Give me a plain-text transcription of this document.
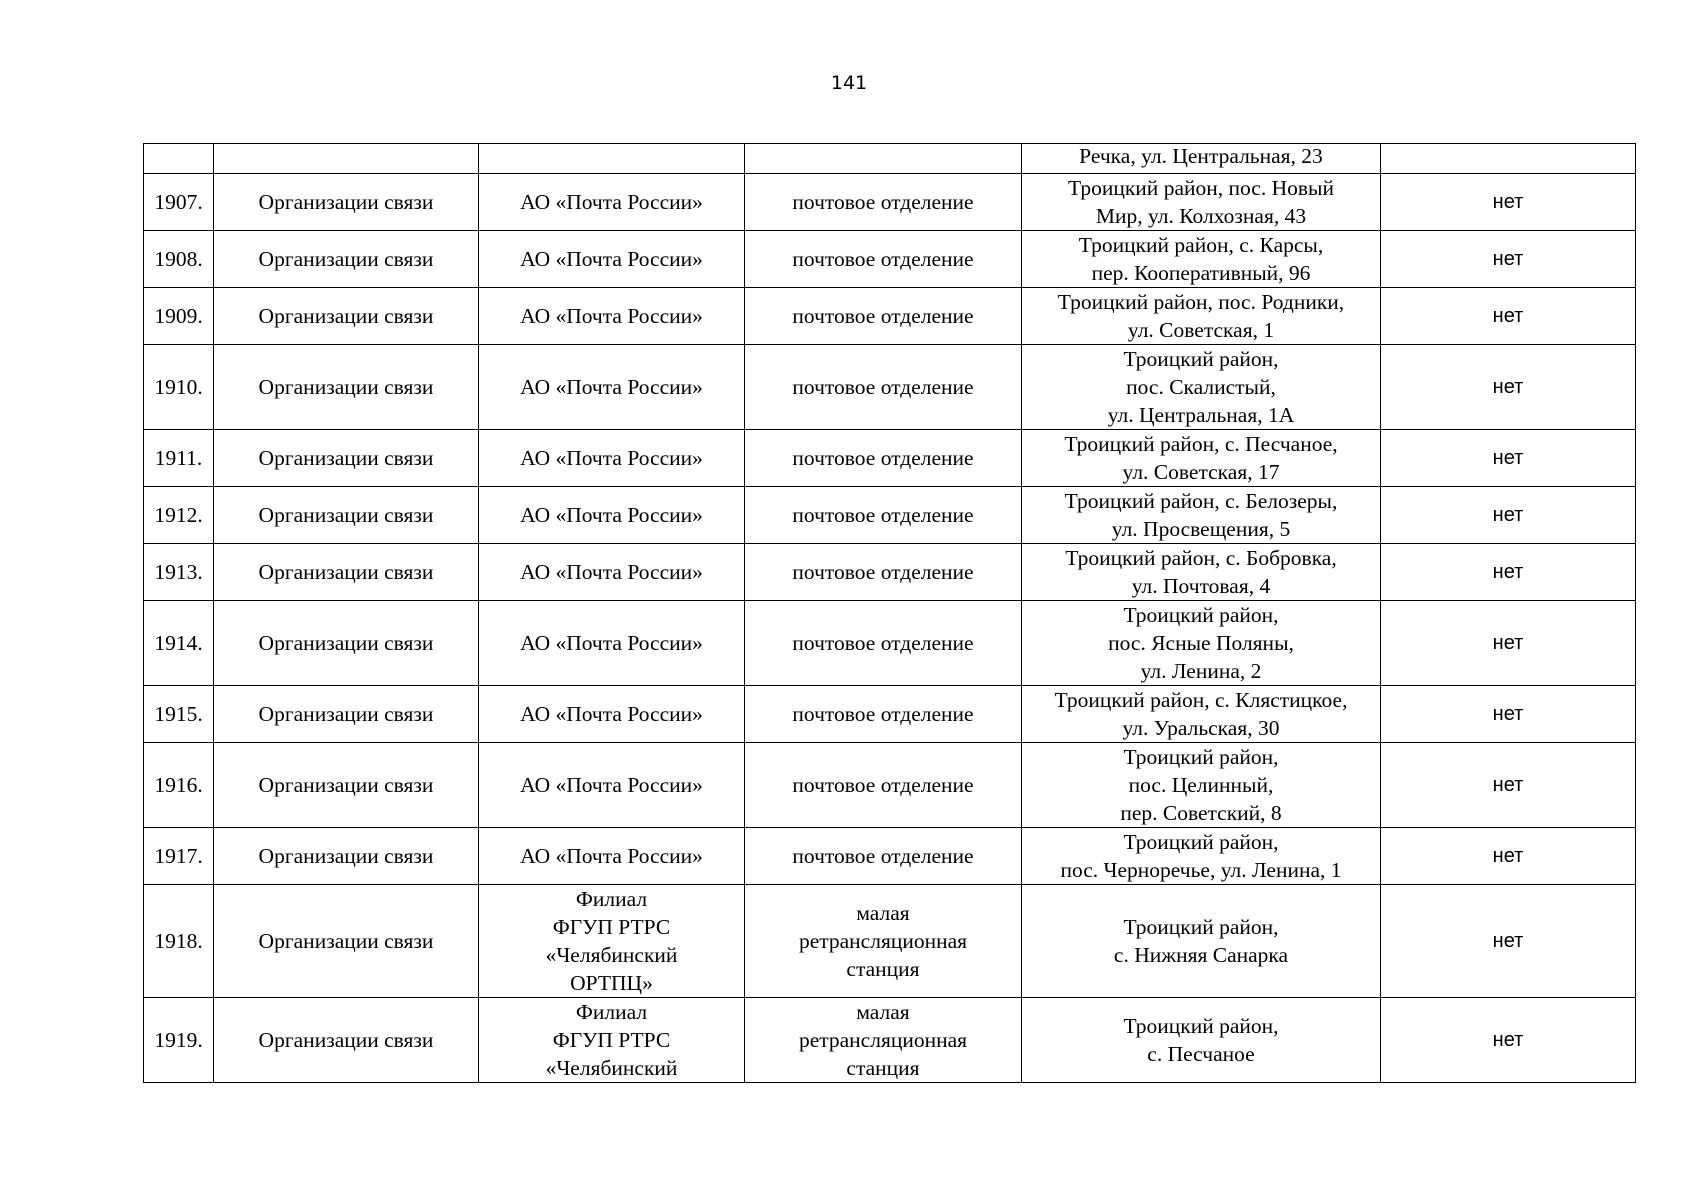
141

				Речка, ул. Центральная, 23	

1907.	Организации связи	АО «Почта России»	почтовое отделение	Троицкий район, пос. Новый
Мир, ул. Колхозная, 43	нет
1908.	Организации связи	АО «Почта России»	почтовое отделение	Троицкий район, с. Карсы,
пер. Кооперативный, 96	нет
1909.	Организации связи	АО «Почта России»	почтовое отделение	Троицкий район, пос. Родники,
ул. Советская, 1	нет
1910.	Организации связи	АО «Почта России»	почтовое отделение	Троицкий район,
пос. Скалистый,
ул. Центральная, 1А	нет
1911.	Организации связи	АО «Почта России»	почтовое отделение	Троицкий район, с. Песчаное,
ул. Советская, 17	нет
1912.	Организации связи	АО «Почта России»	почтовое отделение	Троицкий район, с. Белозеры,
ул. Просвещения, 5	нет
1913.	Организации связи	АО «Почта России»	почтовое отделение	Троицкий район, с. Бобровка,
ул. Почтовая, 4	нет
1914.	Организации связи	АО «Почта России»	почтовое отделение	Троицкий район,
пос. Ясные Поляны,
ул. Ленина, 2	нет
1915.	Организации связи	АО «Почта России»	почтовое отделение	Троицкий район, с. Клястицкое,
ул. Уральская, 30	нет
1916.	Организации связи	АО «Почта России»	почтовое отделение	Троицкий район,
пос. Целинный,
пер. Советский, 8	нет
1917.	Организации связи	АО «Почта России»	почтовое отделение	Троицкий район,
пос. Черноречье, ул. Ленина, 1	нет
1918.	Организации связи	Филиал
ФГУП РТРС
«Челябинский
ОРТПЦ»	малая
ретрансляционная
станция	Троицкий район,
с. Нижняя Санарка	нет
1919.	Организации связи	Филиал
ФГУП РТРС
«Челябинский	малая
ретрансляционная
станция	Троицкий район,
с. Песчаное	нет
